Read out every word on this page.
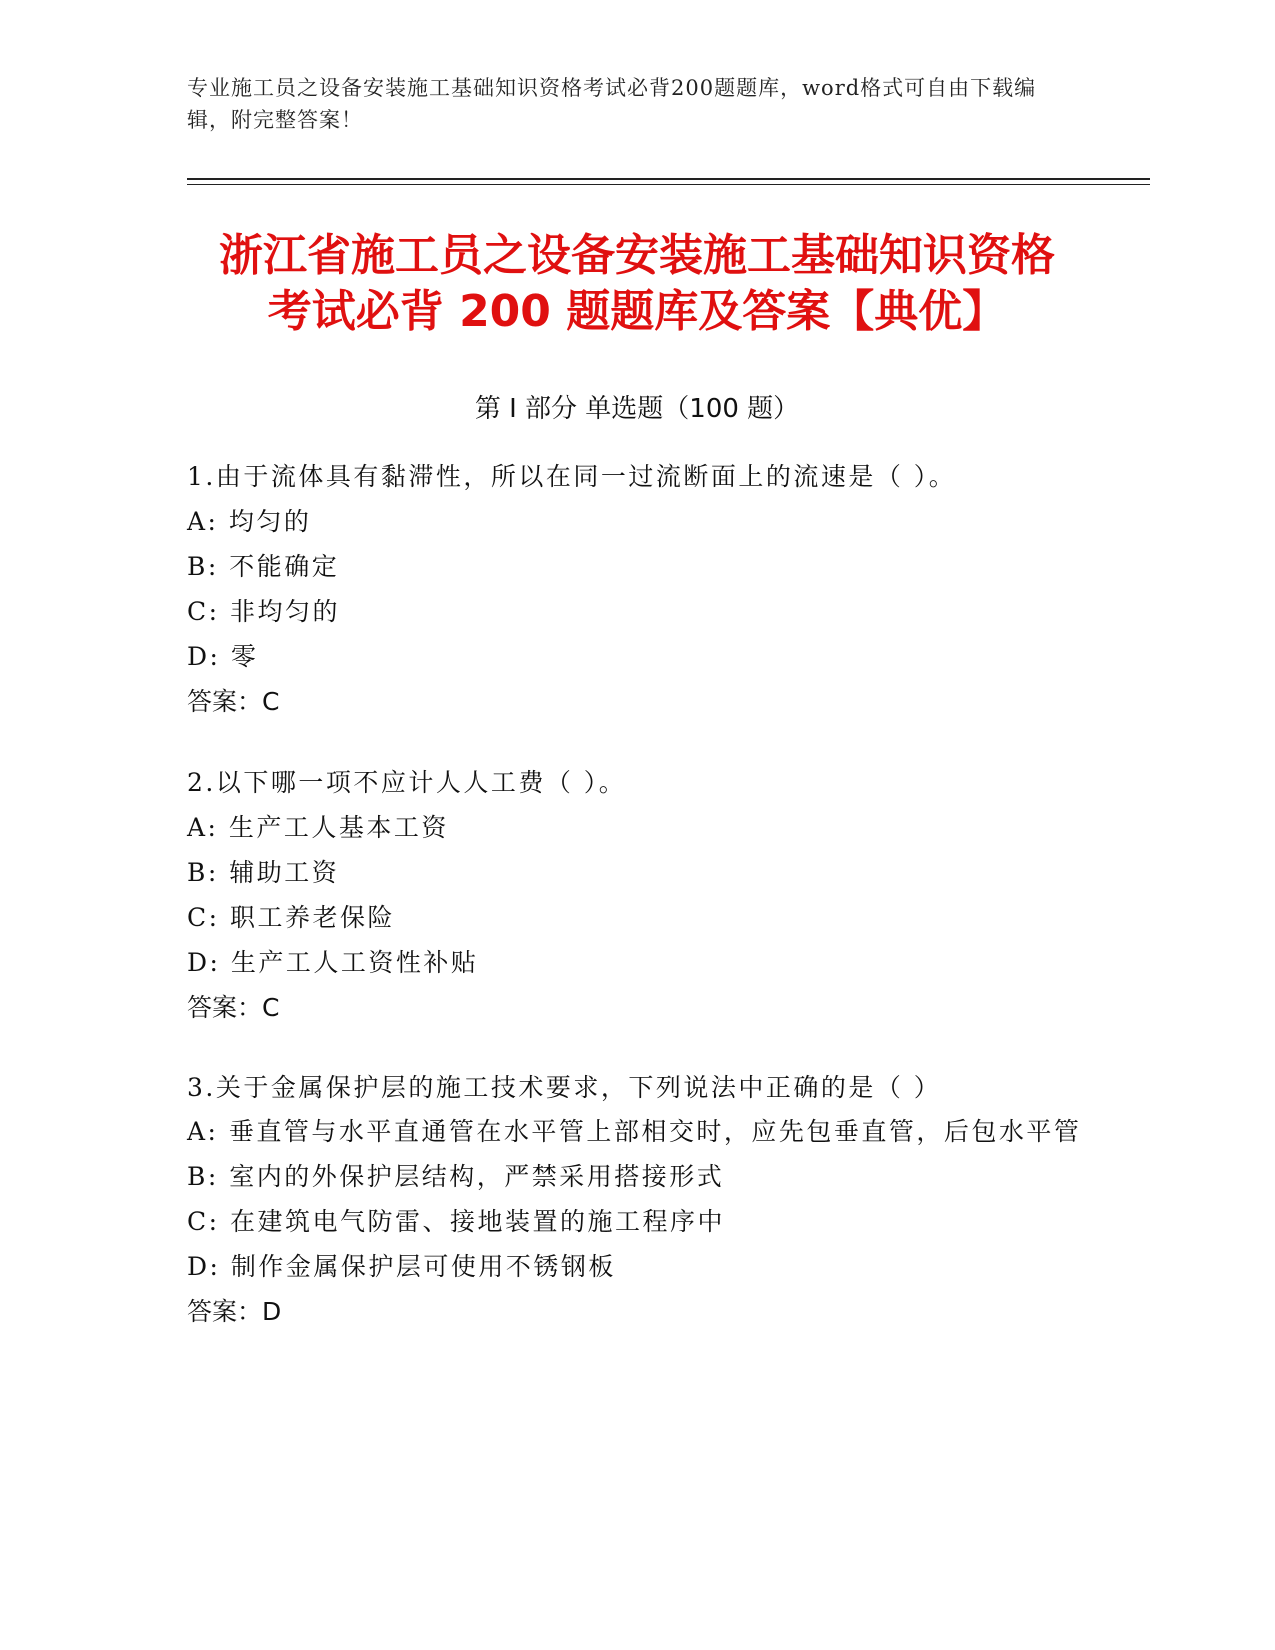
专业施工员之设备安装施工基础知识资格考试必背200题题库，word格式可自由下载编辑，附完整答案！
浙江省施工员之设备安装施工基础知识资格
考试必背 200 题题库及答案【典优】
第 I 部分 单选题（100 题）

1.由于流体具有黏滞性，所以在同一过流断面上的流速是（ ）。

A: 均匀的

B: 不能确定

C: 非均匀的

D: 零

答案：C

2.以下哪一项不应计人人工费（ ）。

A: 生产工人基本工资

B: 辅助工资

C: 职工养老保险

D: 生产工人工资性补贴

答案：C

3.关于金属保护层的施工技术要求，下列说法中正确的是（ ）

A: 垂直管与水平直通管在水平管上部相交时，应先包垂直管，后包水平管

B: 室内的外保护层结构，严禁采用搭接形式

C: 在建筑电气防雷、接地装置的施工程序中

D: 制作金属保护层可使用不锈钢板

答案：D
